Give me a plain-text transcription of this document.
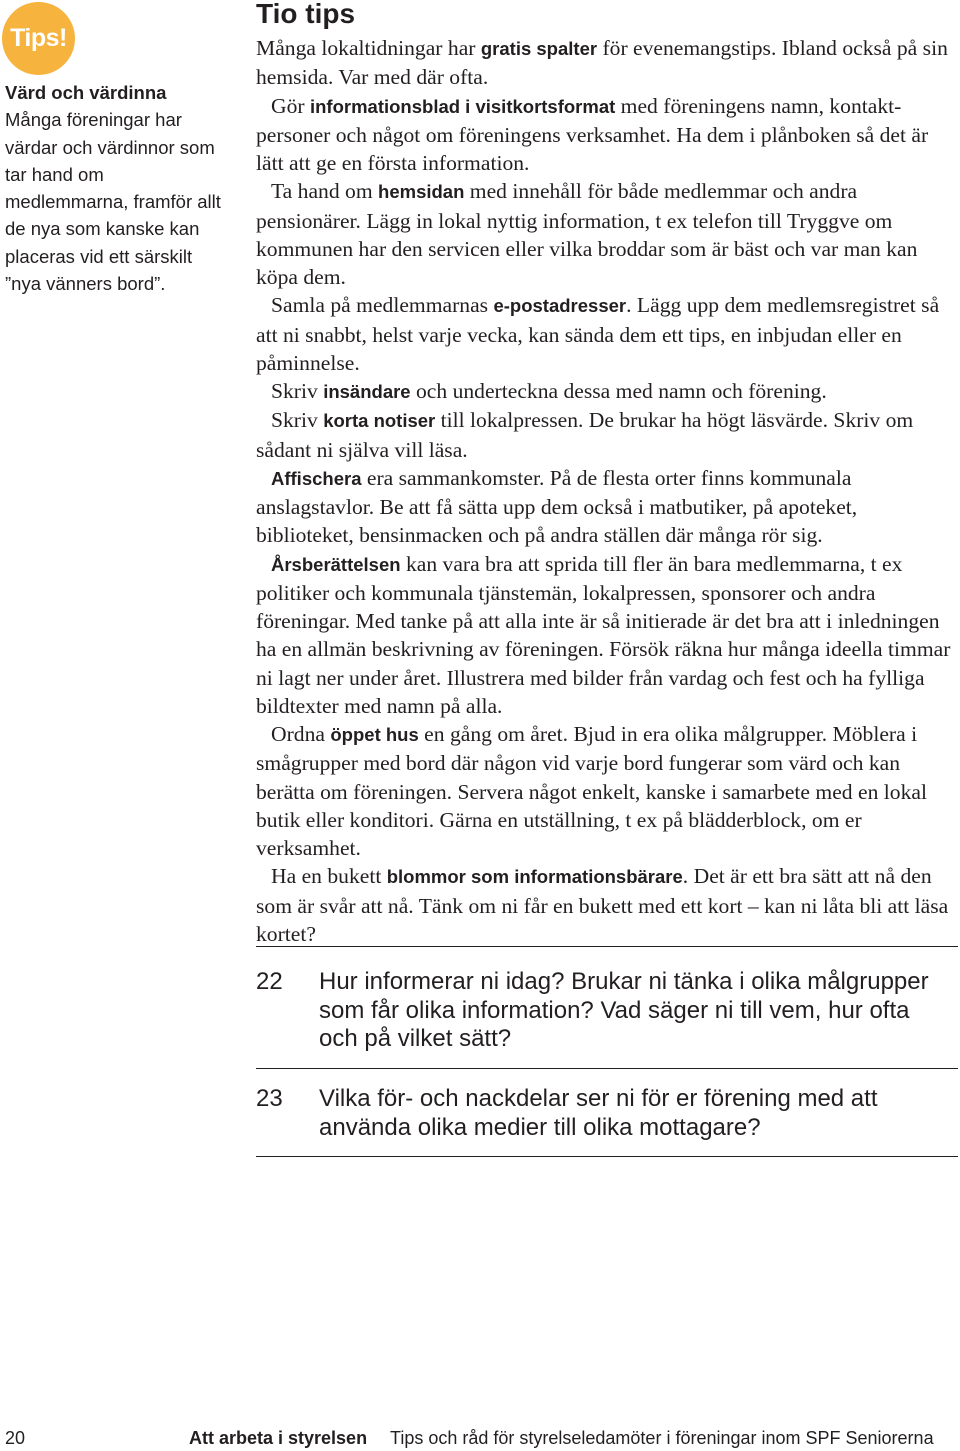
Tips!
Värd och värdinna
Många föreningar har värdar och värdinnor som tar hand om medlemmarna, framför allt de nya som kanske kan placeras vid ett särskilt ”nya vänners bord”.
Tio tips

Många lokaltidningar har gratis spalter för evenemangstips. Ibland också på sin hemsida. Var med där ofta.

Gör informationsblad i visitkortsformat med föreningens namn, kontaktpersoner och något om föreningens verksamhet. Ha dem i plånboken så det är lätt att ge en första information.

Ta hand om hemsidan med innehåll för både medlemmar och andra pensionärer. Lägg in lokal nyttig information, t ex telefon till Tryggve om kommunen har den servicen eller vilka broddar som är bäst och var man kan köpa dem.

Samla på medlemmarnas e-postadresser. Lägg upp dem medlemsregistret så att ni snabbt, helst varje vecka, kan sända dem ett tips, en inbjudan eller en påminnelse.

Skriv insändare och underteckna dessa med namn och förening.

Skriv korta notiser till lokalpressen. De brukar ha högt läsvärde. Skriv om sådant ni själva vill läsa.

Affischera era sammankomster. På de flesta orter finns kommunala anslagstavlor. Be att få sätta upp dem också i matbutiker, på apoteket, biblioteket, bensinmacken och på andra ställen där många rör sig.

Årsberättelsen kan vara bra att sprida till fler än bara medlemmarna, t ex politiker och kommunala tjänstemän, lokalpressen, sponsorer och andra föreningar. Med tanke på att alla inte är så initierade är det bra att i inledningen ha en allmän beskrivning av föreningen. Försök räkna hur många ideella timmar ni lagt ner under året. Illustrera med bilder från vardag och fest och ha fylliga bildtexter med namn på alla.

Ordna öppet hus en gång om året. Bjud in era olika målgrupper. Möblera i smågrupper med bord där någon vid varje bord fungerar som värd och kan berätta om föreningen. Servera något enkelt, kanske i samarbete med en lokal butik eller konditori. Gärna en utställning, t ex på blädderblock, om er verksamhet.

Ha en bukett blommor som informationsbärare. Det är ett bra sätt att nå den som är svår att nå. Tänk om ni får en bukett med ett kort – kan ni låta bli att läsa kortet?

22	Hur informerar ni idag? Brukar ni tänka i olika målgrupper som får olika information? Vad säger ni till vem, hur ofta och på vilket sätt?
23	Vilka för- och nackdelar ser ni för er förening med att använda olika medier till olika mottagare?
20	Att arbeta i styrelsen Tips och råd för styrelseledamöter i föreningar inom SPF Seniorerna
